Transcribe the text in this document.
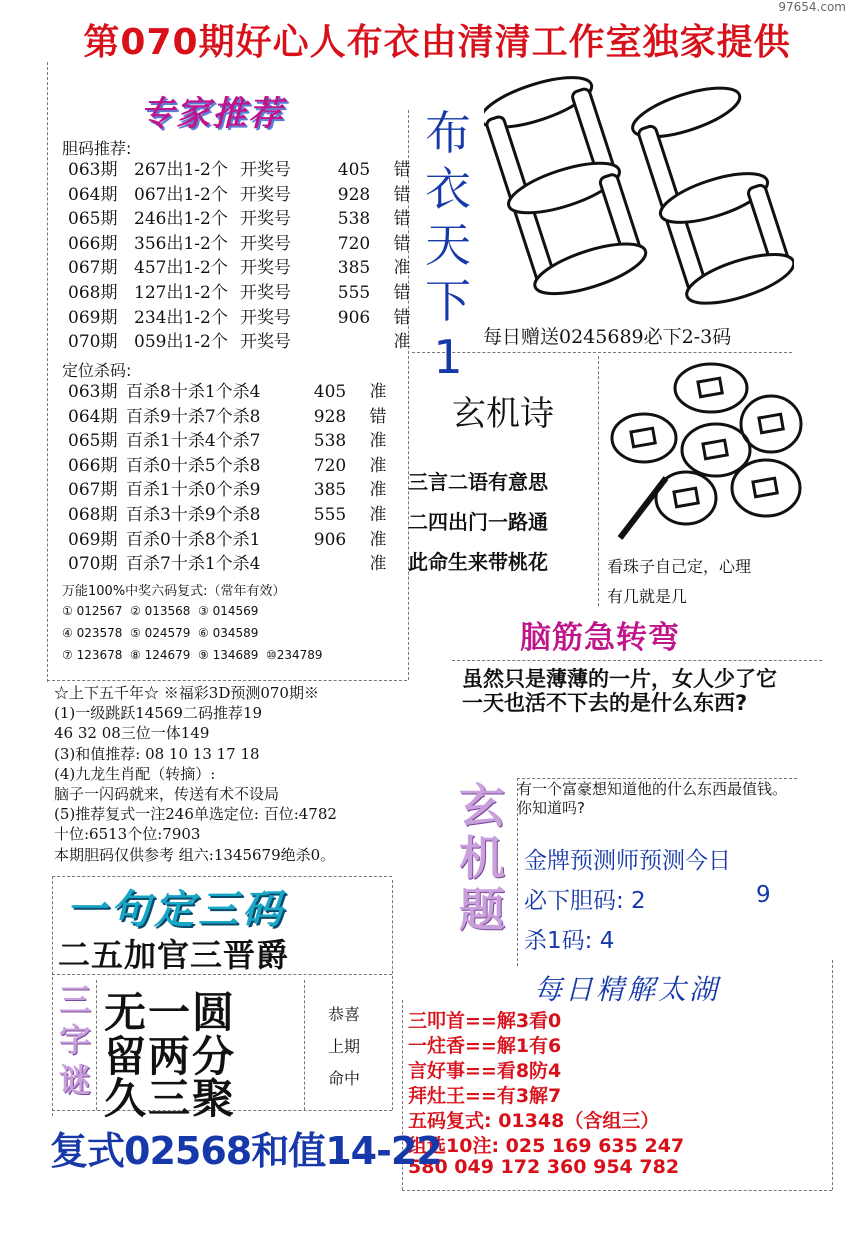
97654.com
第070期好心人布衣由清清工作室独家提供
专家推荐
胆码推荐:
063期 267出1-2个 开奖号	405	错
064期 067出1-2个 开奖号	928	错
065期 246出1-2个 开奖号	538	错
066期 356出1-2个 开奖号	720	错
067期 457出1-2个 开奖号	385	准
068期 127出1-2个 开奖号	555	错
069期 234出1-2个 开奖号	906	错
070期 059出1-2个 开奖号	准
定位杀码:
063期 百杀8十杀1个杀4	405	准
064期 百杀9十杀7个杀8	928	错
065期 百杀1十杀4个杀7	538	准
066期 百杀0十杀5个杀8	720	准
067期 百杀1十杀0个杀9	385	准
068期 百杀3十杀9个杀8	555	准
069期 百杀0十杀8个杀1	906	准
070期 百杀7十杀1个杀4	准
万能100%中奖六码复式:（常年有效）
① 012567 ② 013568 ③ 014569
④ 023578 ⑤ 024579 ⑥ 034589
⑦ 123678 ⑧ 124679 ⑨ 134689 ⑩234789
☆上下五千年☆ ※福彩3D预测070期※
(1)一级跳跃14569二码推荐19
46 32 08三位一体149
(3)和值推荐: 08 10 13 17 18
(4)九龙生肖配（转摘）:
脑子一闪码就来，传送有术不设局
(5)推荐复式一注246单选定位: 百位:4782
十位:6513个位:7903
本期胆码仅供参考 组六:1345679绝杀0。
布
衣
天
下
1	每日赠送0245689必下2-3码
玄机诗
三言二语有意思
二四出门一路通
此命生来带桃花	看珠子自己定，心理
有几就是几
脑筋急转弯
虽然只是薄薄的一片，女人少了它一天也活不下去的是什么东西?
玄
机
题
有一个富豪想知道他的什么东西最值钱。你知道吗?
金牌预测师预测今日
必下胆码: 2	9
杀1码: 4
每日精解太湖
三叩首==解3看0
一炷香==解1有6
言好事==看8防4
拜灶王==有3解7
五码复式: 01348（含组三）
组选10注: 025 169 635 247
580 049 172 360 954 782
一句定三码
二五加官三晋爵
三
字
谜
无一圆
留两分
久三聚
恭喜
上期
命中
复式02568和值14-22
